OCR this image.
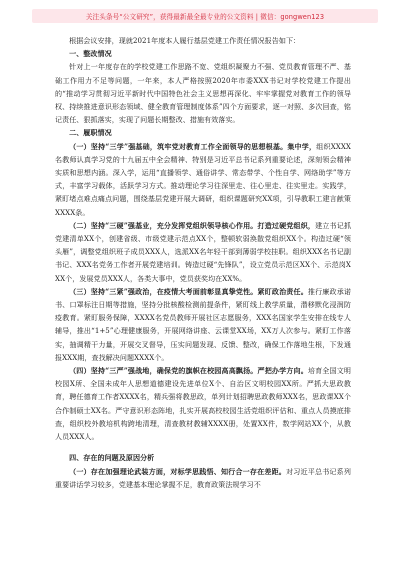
关注头条号“公文研究”，获得最新最全最专业的公文资料 | 微信：gongwen123

根据会议安排，现就2021年度本人履行基层党建工作责任情况报告如下：

一、整改情况

针对上一年度存在的学校党建工作思路不宽、党组织凝聚力不强、党员教育管理不严、基础工作用力不足等问题，一年来，本人严格按照2020年市委XXX书记对学校党建工作提出的“推动学习贯彻习近平新时代中国特色社会主义思想再深化、牢牢掌握党对教育工作的领导权、持续推进意识形态领域、健全教育管理制度体系”四个方面要求，逐一对照、多次回查，铭记责任、狠抓落实，实现了问题长期整改、措施有效落实。

二、履职情况

（一）坚持“三学”强基础，筑牢党对教育工作全面领导的思想根基。集中学，组织XXXX名教师认真学习党的十九届五中全会精神、特别是习近平总书记系列重要论述，深刻领会精神实质和思想内涵。深入学，运用“直播领学、通俗讲学、常态带学、个性自学、网络助学”等方式，丰富学习载体，活跃学习方式。推动理论学习往深里走、往心里走、往实里走。实践学，紧盯堵点难点痛点问题，围绕基层党建开展大调研，组织课题研究XX项，引导教职工建言献策XXXX条。

（二）坚持“三硬”强基业，充分发挥党组织领导核心作用。打造过硬党组织，建立书记抓党建清单XX个，创建省级、市级党建示范点XX个，整顿软弱涣散党组织XX个。构造过硬“领头雁”，调整党组织班子成员XXX人，选派XX名年轻干部到薄弱学校挂职。组织XXX名书记副书记、XXX名党务工作者开展党建培训。铸造过硬“先锋队”，设立党员示范区XX个、示范岗XXX个，发展党员XXX人，各类大事中，党员获奖均在XX%。

（三）坚持“三紧”强政治，在疫情大考面前彰显真挚党性。紧盯政治责任。推行廉政承诺书、口罩标注日期等措施，坚持分批核酸检测前提条件，紧盯线上教学质量，潜移默化浸润防疫教育。紧盯服务保障，XXXX名党员教师开展社区志愿服务，XXX名国家学生安排在线专人辅导，推出“1+5”心理健康服务，开展网络讲座、云课堂XX场，XX万人次参与。紧盯工作落实，抽调精干力量，开展交叉督导，压实问题发现、反馈、整改，确保工作落地生根，下发通报XXX期，查找解决问题XXXX个。

（四）坚持“三严”强战地，确保党的旗帜在校园高高飘扬。严把办学方向。培育全国文明校园X所、全国未成年人思想道德建设先进单位X个、自治区文明校园XX所。严抓大思政教育，聘任德育工作者XXXX名，精兵强将教思政，单列计划招聘思政教师XXX名，思政课XX个合作制硕士XX名。严守意识形态阵地，扎实开展高校校园生活党组织评估和、重点人员摸底排查，组织校外教培机构跨地清理，清查教材教辅XXXX册，处置XX件，数学网站XX个，从教人员XXX人。

四、存在的问题及原因分析

（一）存在加强理论武装方面，对标学思践悟、知行合一存在差距。对习近平总书记系列重要讲话学习较多，党建基本理论掌握不足，教育政策法规学习不
